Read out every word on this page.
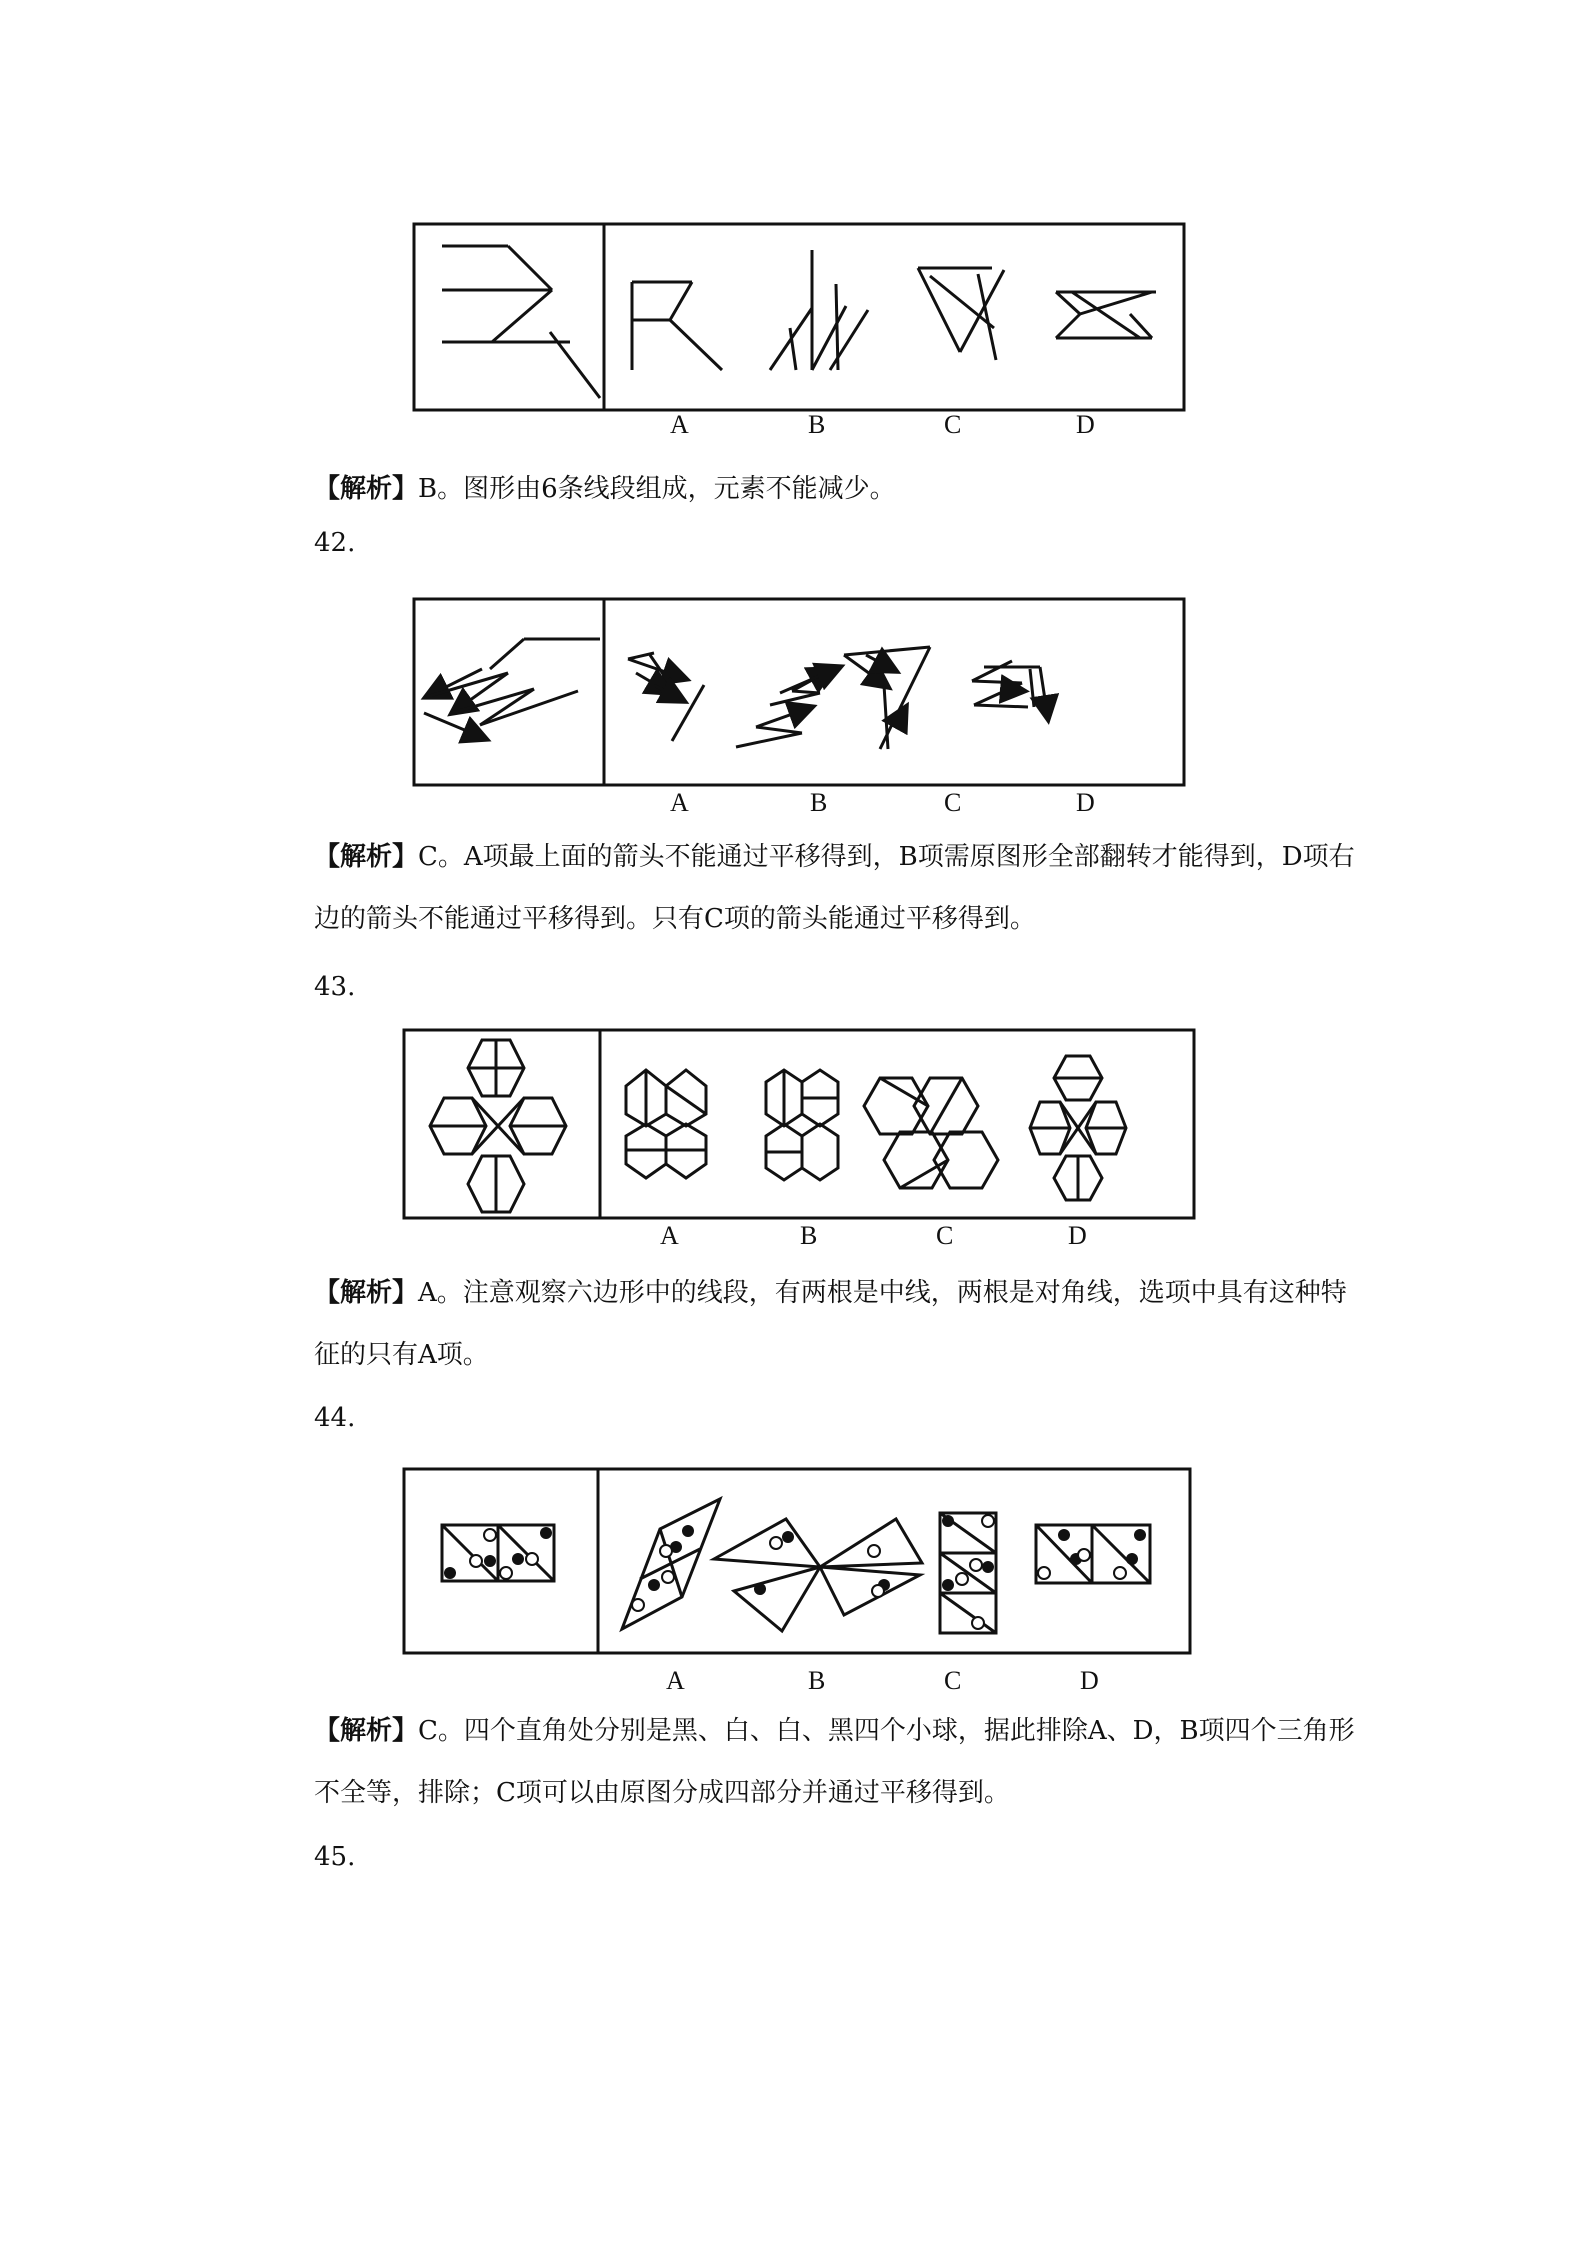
A	B	C	D
【解析】B。图形由6条线段组成，元素不能减少。
42.
A	B	C	D
【解析】C。A项最上面的箭头不能通过平移得到，B项需原图形全部翻转才能得到，D项右边的箭头不能通过平移得到。只有C项的箭头能通过平移得到。
43.
A	B	C	D
【解析】A。注意观察六边形中的线段，有两根是中线，两根是对角线，选项中具有这种特征的只有A项。
44.
A	B	C	D
【解析】C。四个直角处分别是黑、白、白、黑四个小球，据此排除A、D，B项四个三角形不全等，排除；C项可以由原图分成四部分并通过平移得到。
45.
